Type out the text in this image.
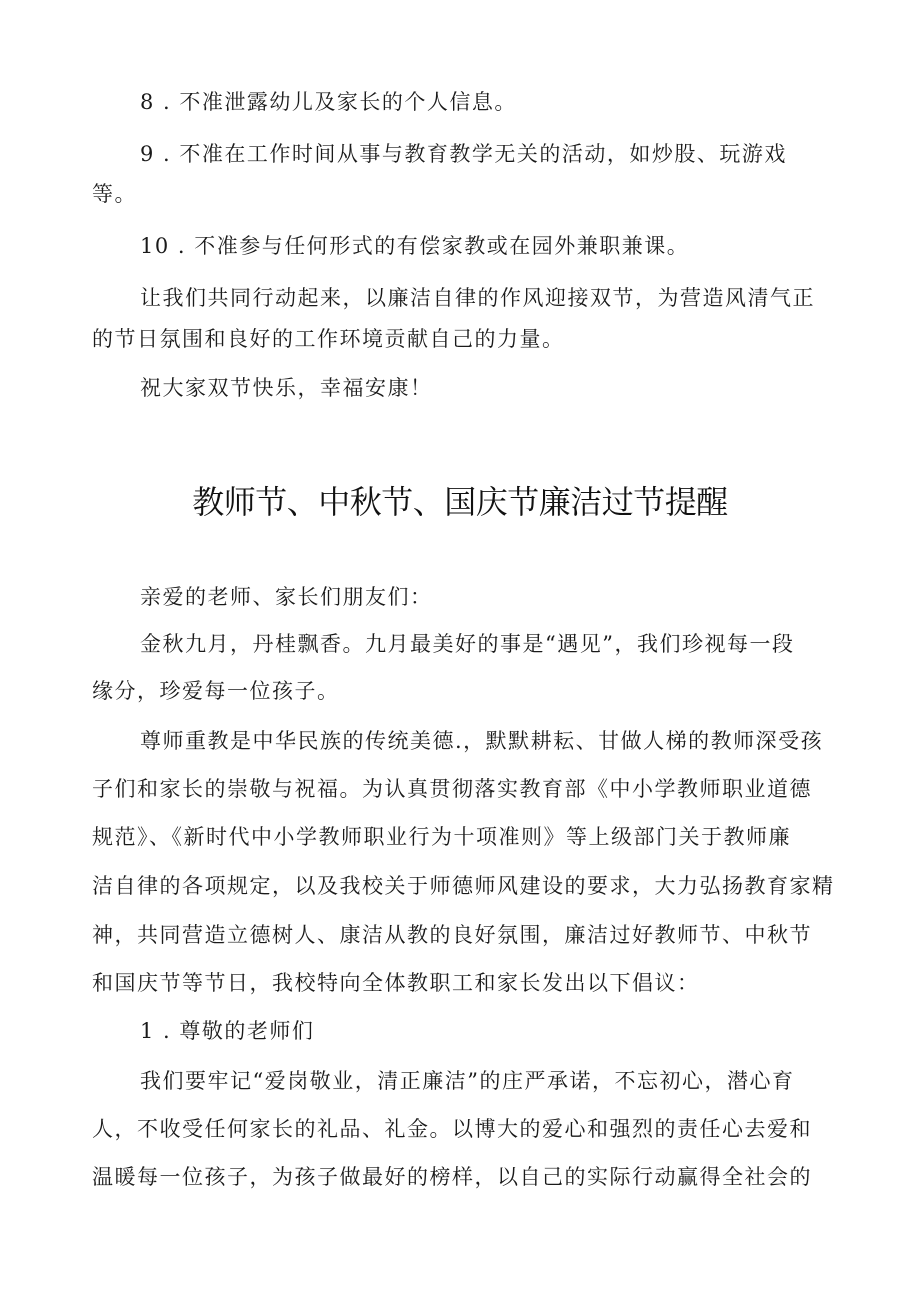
8 . 不准泄露幼儿及家长的个人信息。
9 . 不准在工作时间从事与教育教学无关的活动，如炒股、玩游戏
等。
10 . 不准参与任何形式的有偿家教或在园外兼职兼课。
让我们共同行动起来，以廉洁自律的作风迎接双节，为营造风清气正
的节日氛围和良好的工作环境贡献自己的力量。
祝大家双节快乐，幸福安康！
教师节、中秋节、国庆节廉洁过节提醒
亲爱的老师、家长们朋友们：
金秋九月，丹桂飘香。九月最美好的事是“遇见”，我们珍视每一段
缘分，珍爱每一位孩子。
尊师重教是中华民族的传统美德.，默默耕耘、甘做人梯的教师深受孩
子们和家长的崇敬与祝福。为认真贯彻落实教育部《中小学教师职业道德
规范》、《新时代中小学教师职业行为十项准则》等上级部门关于教师廉
洁自律的各项规定，以及我校关于师德师风建设的要求，大力弘扬教育家精
神，共同营造立德树人、康洁从教的良好氛围，廉洁过好教师节、中秋节
和国庆节等节日，我校特向全体教职工和家长发出以下倡议：
1 . 尊敬的老师们
我们要牢记“爱岗敬业，清正廉洁”的庄严承诺，不忘初心，潜心育
人，不收受任何家长的礼品、礼金。以博大的爱心和强烈的责任心去爱和
温暖每一位孩子，为孩子做最好的榜样，以自己的实际行动赢得全社会的
